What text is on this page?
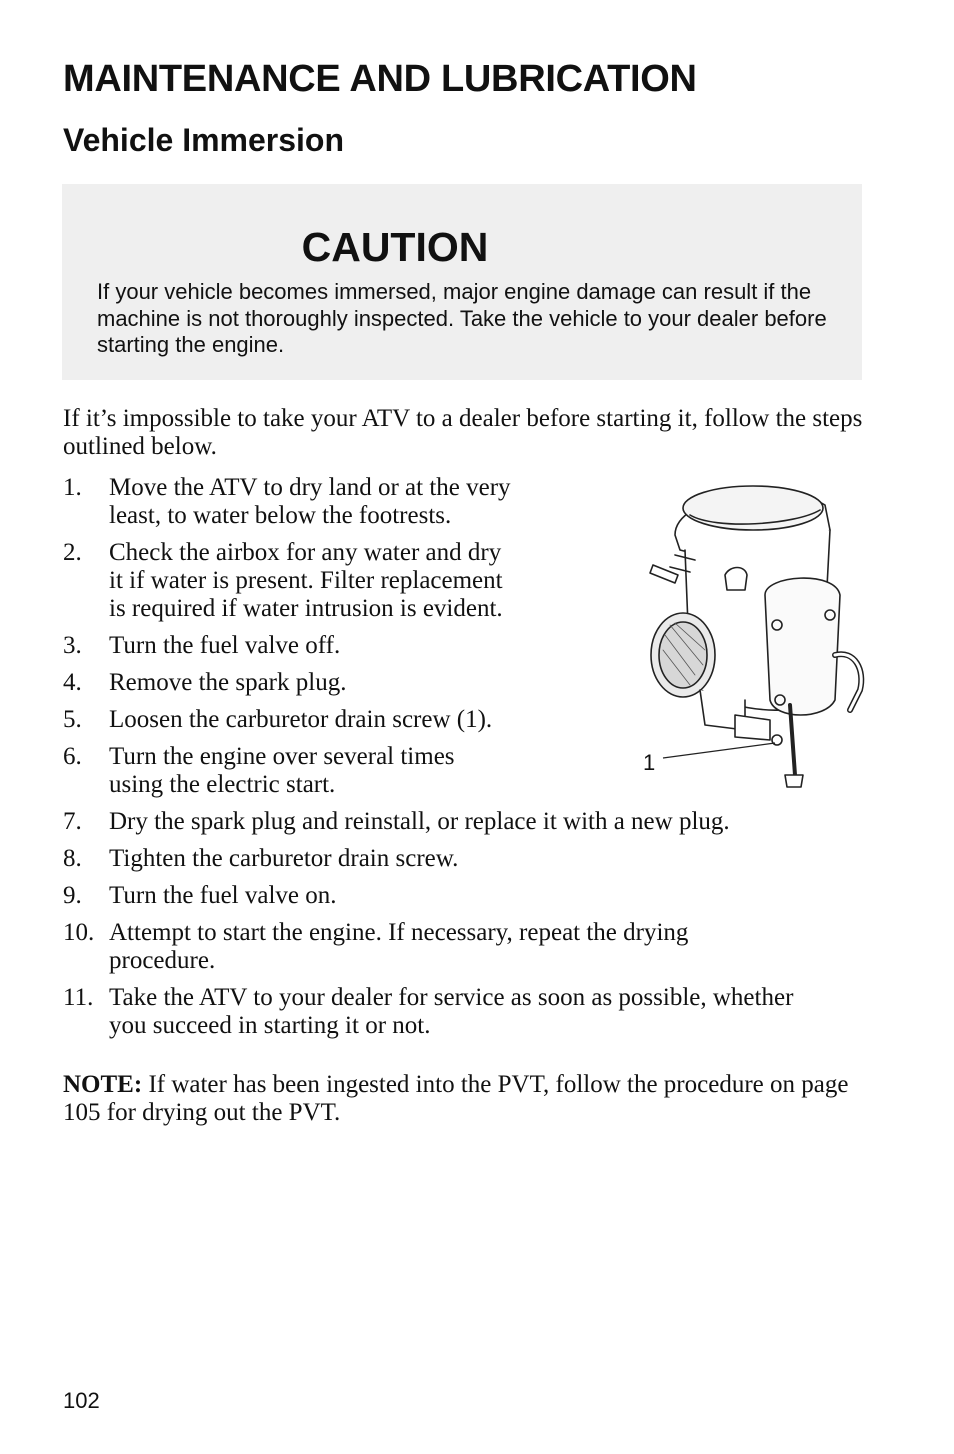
MAINTENANCE AND LUBRICATION
Vehicle Immersion
CAUTION

If your vehicle becomes immersed, major engine damage can result if the machine is not thoroughly inspected. Take the vehicle to your dealer before starting the engine.

If it’s impossible to take your ATV to a dealer before starting it, follow the steps outlined below.

1. Move the ATV to dry land or at the very least, to water below the footrests.
2. Check the airbox for any water and dry it if water is present. Filter replacement is required if water intrusion is evident.
3. Turn the fuel valve off.
4. Remove the spark plug.
5. Loosen the carburetor drain screw (1).
6. Turn the engine over several times using the electric start.
7. Dry the spark plug and reinstall, or replace it with a new plug.
8. Tighten the carburetor drain screw.
9. Turn the fuel valve on.
10. Attempt to start the engine. If necessary, repeat the drying procedure.
11. Take the ATV to your dealer for service as soon as possible, whether you succeed in starting it or not.

NOTE: If water has been ingested into the PVT, follow the procedure on page 105 for drying out the PVT.

1

102
